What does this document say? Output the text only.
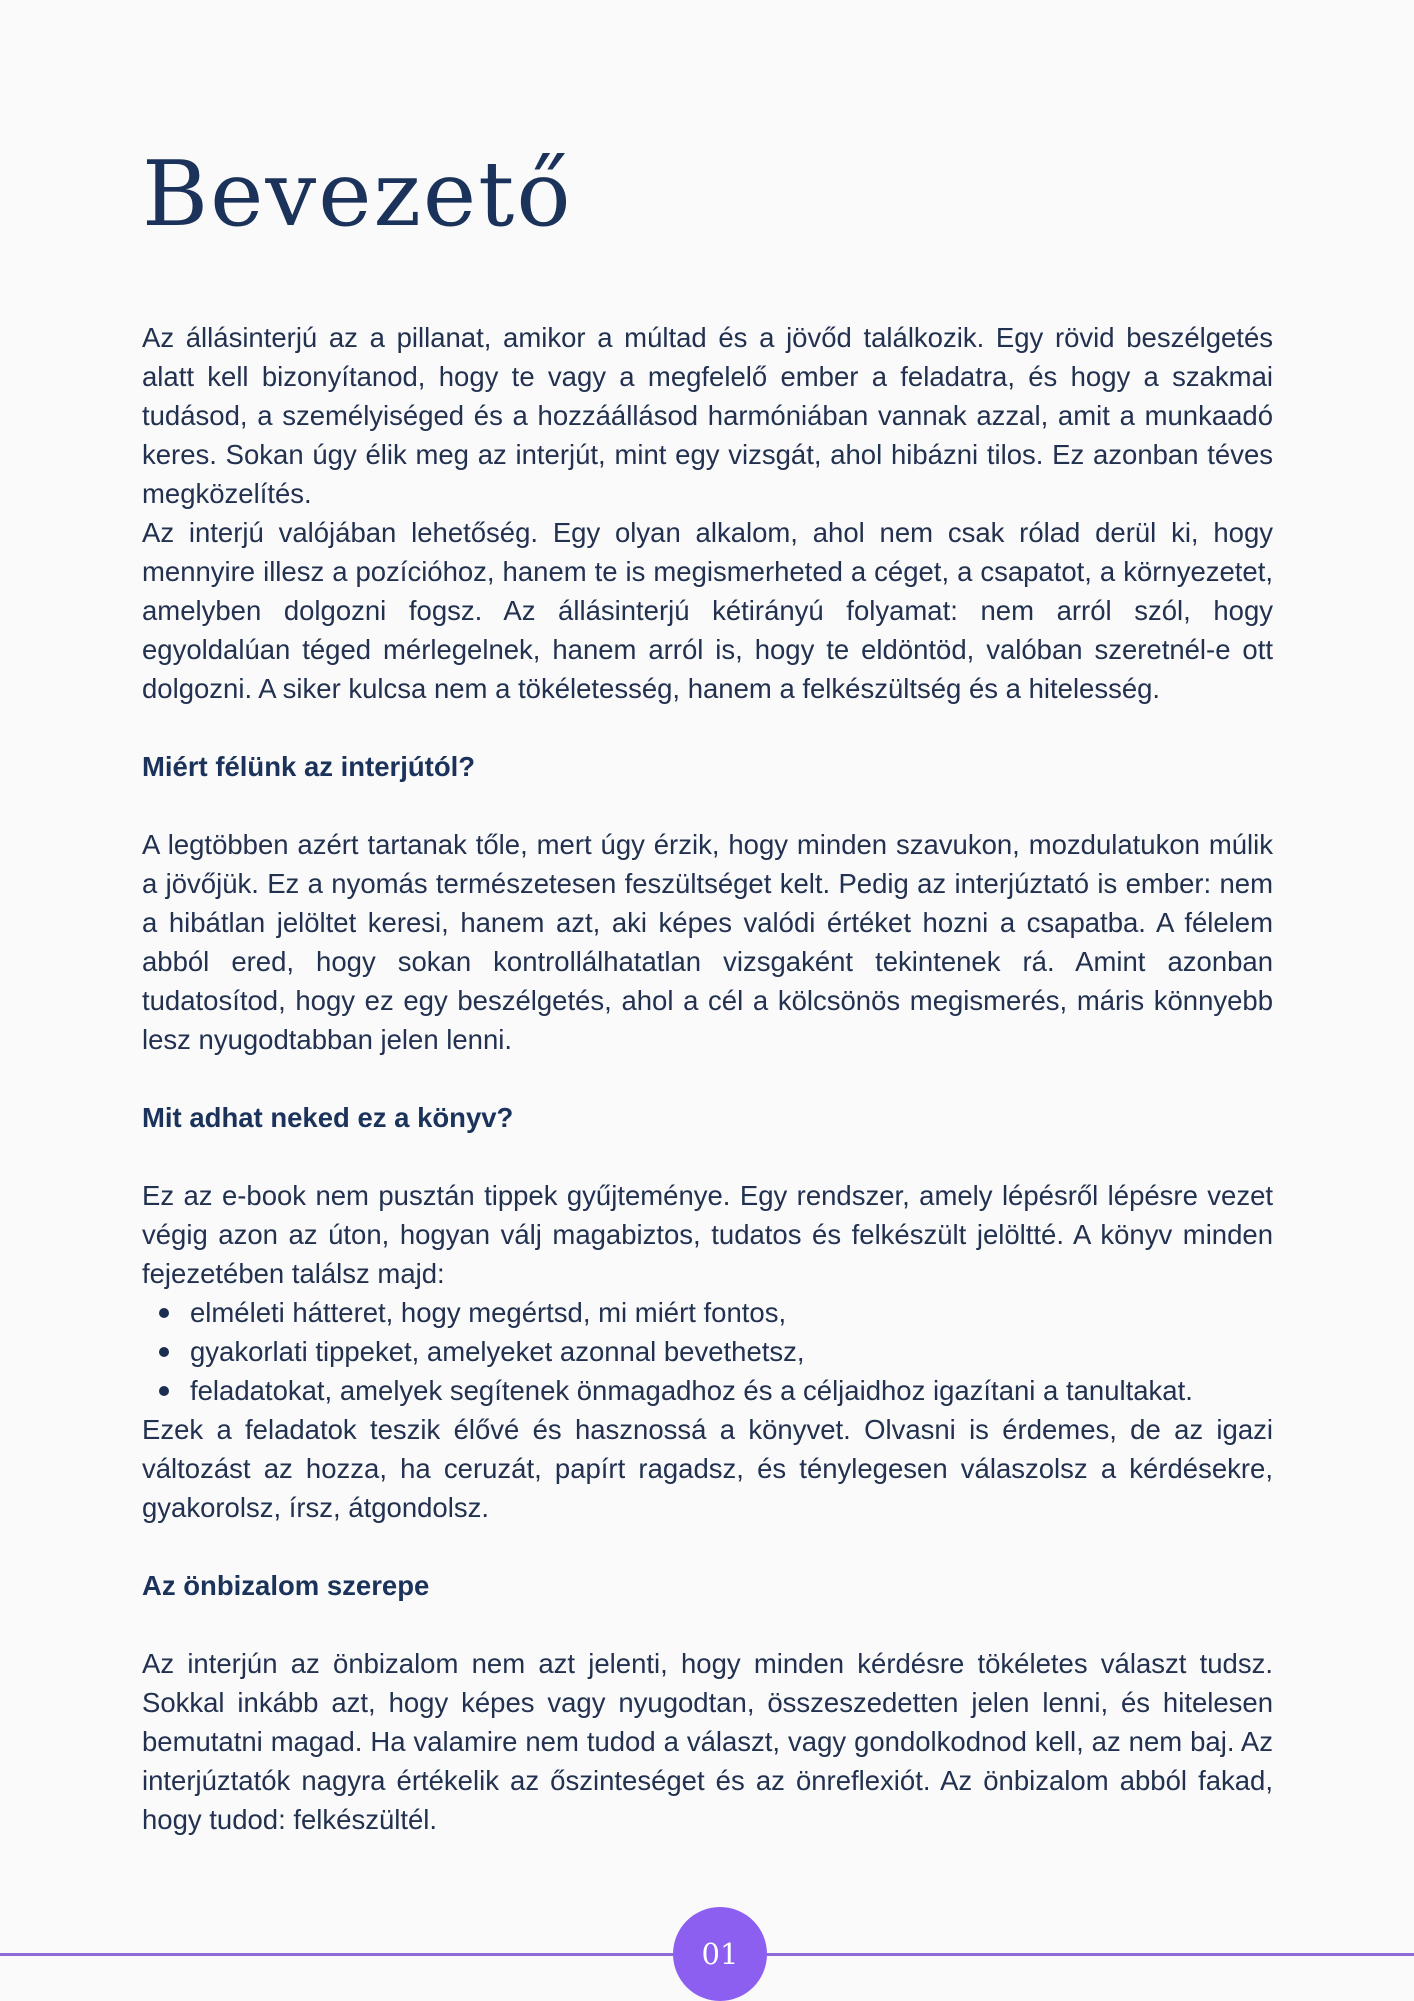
Bevezető

Az állásinterjú az a pillanat, amikor a múltad és a jövőd találkozik. Egy rövid beszélgetés alatt kell bizonyítanod, hogy te vagy a megfelelő ember a feladatra, és hogy a szakmai tudásod, a személyiséged és a hozzáállásod harmóniában vannak azzal, amit a munkaadó keres. Sokan úgy élik meg az interjút, mint egy vizsgát, ahol hibázni tilos. Ez azonban téves megközelítés.

Az interjú valójában lehetőség. Egy olyan alkalom, ahol nem csak rólad derül ki, hogy mennyire illesz a pozícióhoz, hanem te is megismerheted a céget, a csapatot, a környezetet, amelyben dolgozni fogsz. Az állásinterjú kétirányú folyamat: nem arról szól, hogy egyoldalúan téged mérlegelnek, hanem arról is, hogy te eldöntöd, valóban szeretnél-e ott dolgozni. A siker kulcsa nem a tökéletesség, hanem a felkészültség és a hitelesség.

Miért félünk az interjútól?

A legtöbben azért tartanak tőle, mert úgy érzik, hogy minden szavukon, mozdulatukon múlik a jövőjük. Ez a nyomás természetesen feszültséget kelt. Pedig az interjúztató is ember: nem a hibátlan jelöltet keresi, hanem azt, aki képes valódi értéket hozni a csapatba. A félelem abból ered, hogy sokan kontrollálhatatlan vizsgaként tekintenek rá. Amint azonban tudatosítod, hogy ez egy beszélgetés, ahol a cél a kölcsönös megismerés, máris könnyebb lesz nyugodtabban jelen lenni.

Mit adhat neked ez a könyv?

Ez az e-book nem pusztán tippek gyűjteménye. Egy rendszer, amely lépésről lépésre vezet végig azon az úton, hogyan válj magabiztos, tudatos és felkészült jelöltté. A könyv minden fejezetében találsz majd:

elméleti hátteret, hogy megértsd, mi miért fontos,
gyakorlati tippeket, amelyeket azonnal bevethetsz,
feladatokat, amelyek segítenek önmagadhoz és a céljaidhoz igazítani a tanultakat.

Ezek a feladatok teszik élővé és hasznossá a könyvet. Olvasni is érdemes, de az igazi változást az hozza, ha ceruzát, papírt ragadsz, és ténylegesen válaszolsz a kérdésekre, gyakorolsz, írsz, átgondolsz.

Az önbizalom szerepe

Az interjún az önbizalom nem azt jelenti, hogy minden kérdésre tökéletes választ tudsz. Sokkal inkább azt, hogy képes vagy nyugodtan, összeszedetten jelen lenni, és hitelesen bemutatni magad. Ha valamire nem tudod a választ, vagy gondolkodnod kell, az nem baj. Az interjúztatók nagyra értékelik az őszinteséget és az önreflexiót. Az önbizalom abból fakad, hogy tudod: felkészültél.

01
